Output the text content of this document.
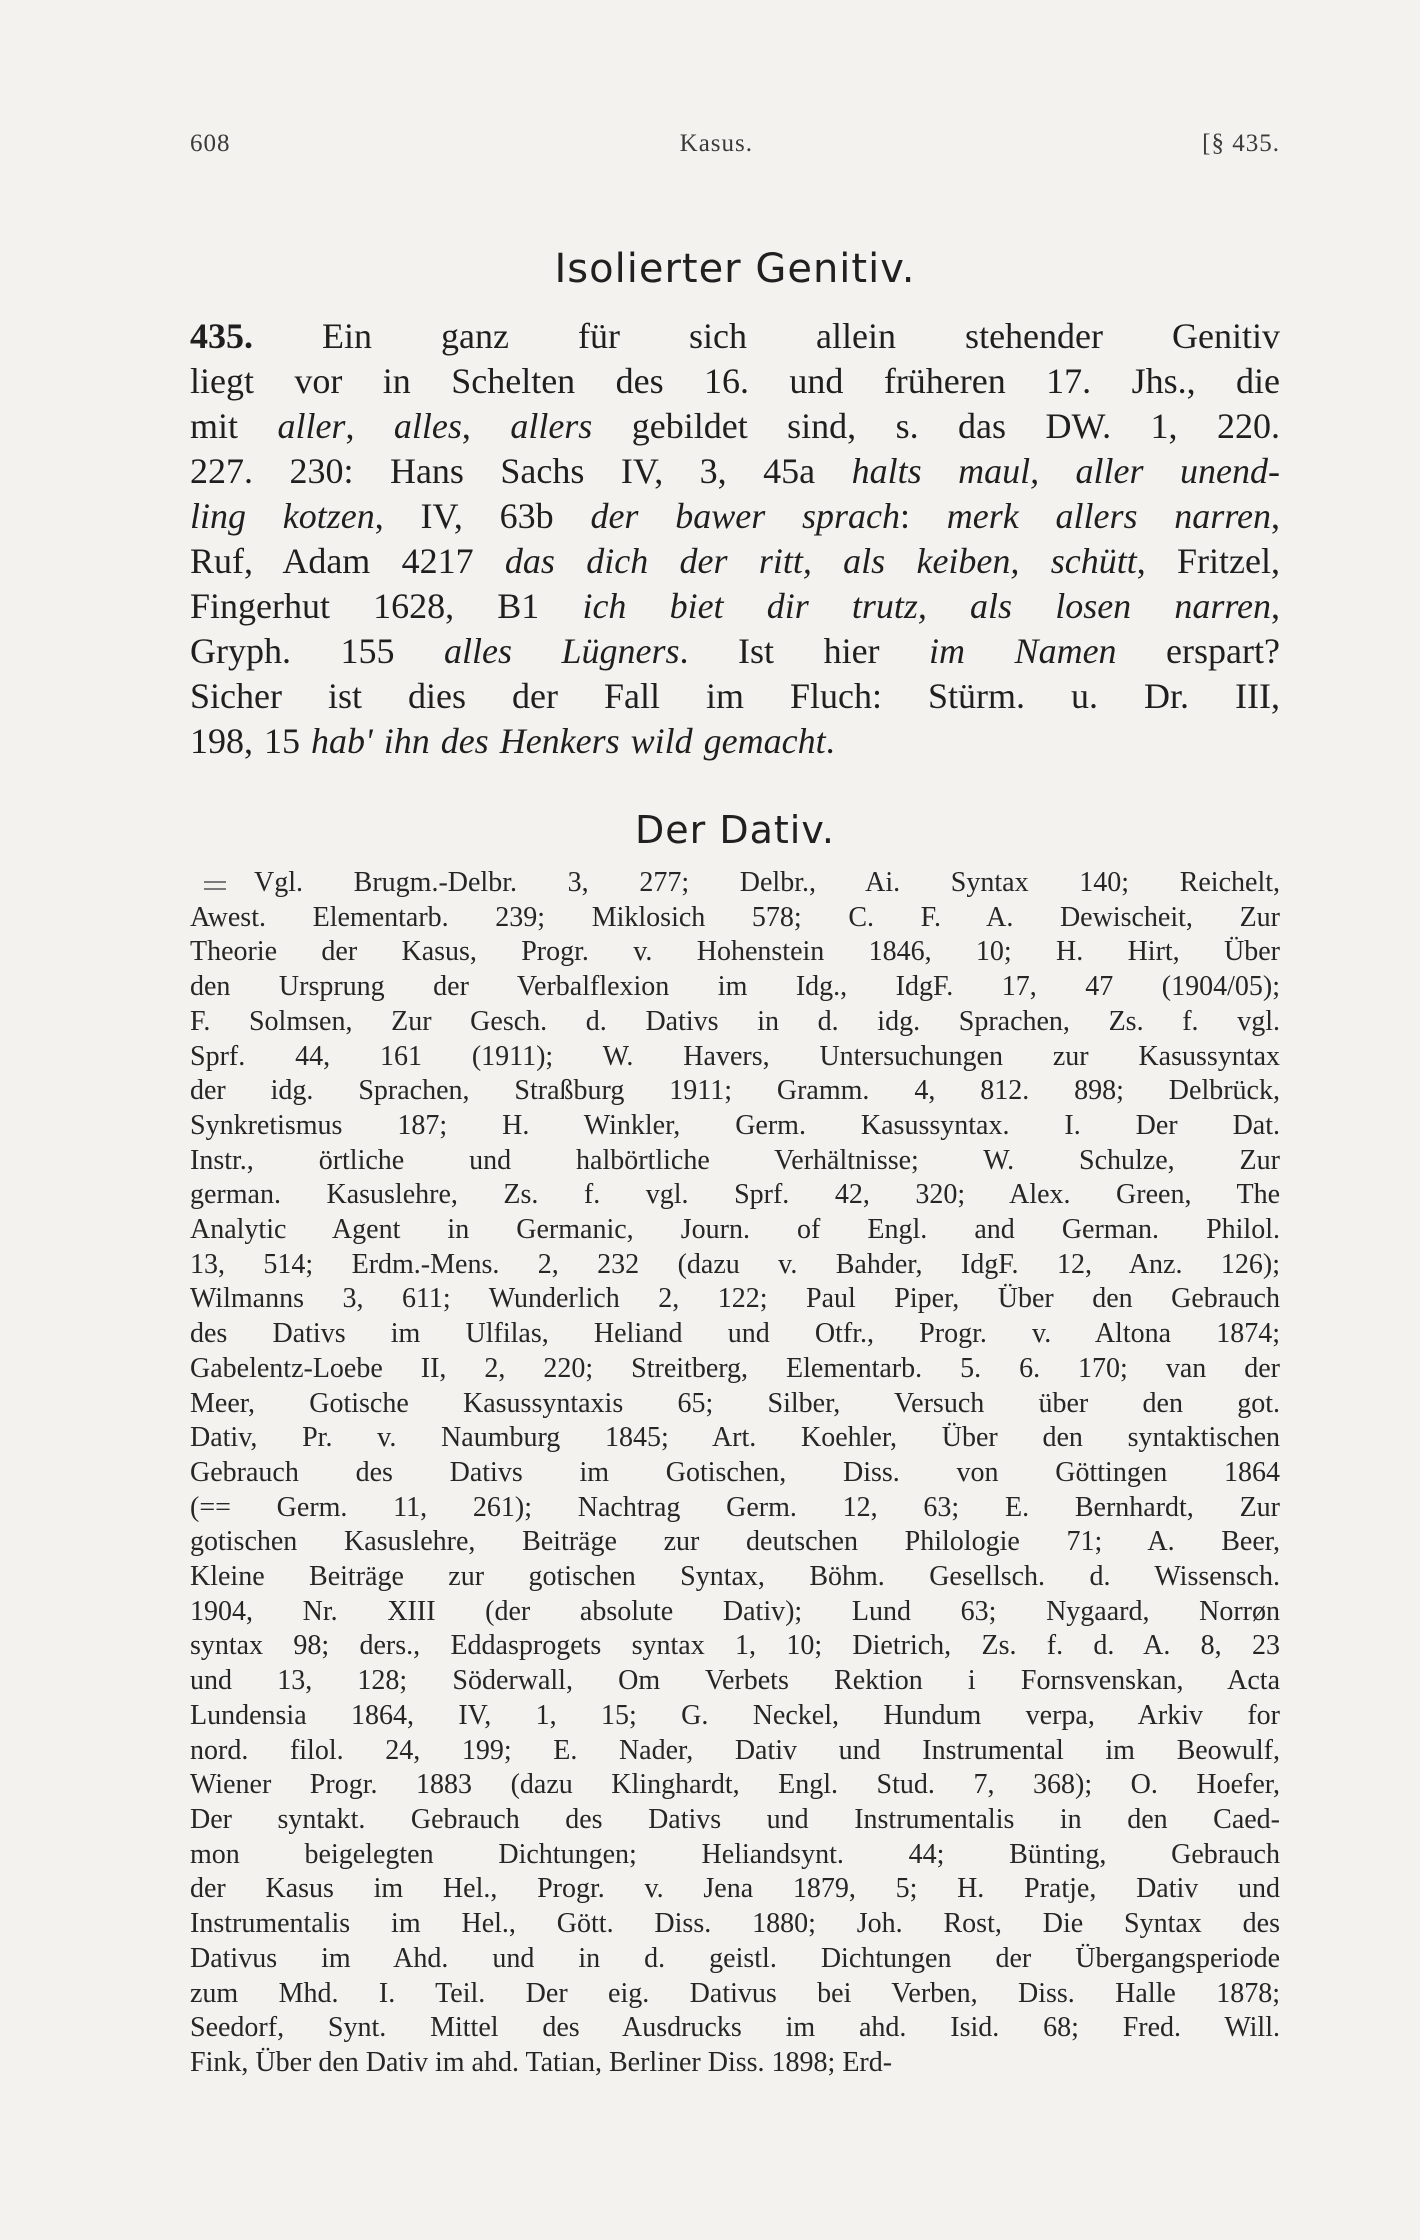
608	Kasus.	[§ 435.
Isolierter Genitiv.
435. Ein ganz für sich allein stehender Genitiv
liegt vor in Schelten des 16. und früheren 17. Jhs., die
mit aller, alles, allers gebildet sind, s. das DW. 1, 220.
227. 230: Hans Sachs IV, 3, 45a halts maul, aller unend-
ling kotzen, IV, 63b der bawer sprach: merk allers narren,
Ruf, Adam 4217 das dich der ritt, als keiben, schütt, Fritzel,
Fingerhut 1628, B1 ich biet dir trutz, als losen narren,
Gryph. 155 alles Lügners. Ist hier im Namen erspart?
Sicher ist dies der Fall im Fluch: Stürm. u. Dr. III,
198, 15 hab' ihn des Henkers wild gemacht.
Der Dativ.
Vgl. Brugm.-Delbr. 3, 277; Delbr., Ai. Syntax 140; Reichelt,
Awest. Elementarb. 239; Miklosich 578; C. F. A. Dewischeit, Zur
Theorie der Kasus, Progr. v. Hohenstein 1846, 10; H. Hirt, Über
den Ursprung der Verbalflexion im Idg., IdgF. 17, 47 (1904/05);
F. Solmsen, Zur Gesch. d. Dativs in d. idg. Sprachen, Zs. f. vgl.
Sprf. 44, 161 (1911); W. Havers, Untersuchungen zur Kasussyntax
der idg. Sprachen, Straßburg 1911; Gramm. 4, 812. 898; Delbrück,
Synkretismus 187; H. Winkler, Germ. Kasussyntax. I. Der Dat.
Instr., örtliche und halbörtliche Verhältnisse; W. Schulze, Zur
german. Kasuslehre, Zs. f. vgl. Sprf. 42, 320; Alex. Green, The
Analytic Agent in Germanic, Journ. of Engl. and German. Philol.
13, 514; Erdm.-Mens. 2, 232 (dazu v. Bahder, IdgF. 12, Anz. 126);
Wilmanns 3, 611; Wunderlich 2, 122; Paul Piper, Über den Gebrauch
des Dativs im Ulfilas, Heliand und Otfr., Progr. v. Altona 1874;
Gabelentz-Loebe II, 2, 220; Streitberg, Elementarb. 5. 6. 170; van der
Meer, Gotische Kasussyntaxis 65; Silber, Versuch über den got.
Dativ, Pr. v. Naumburg 1845; Art. Koehler, Über den syntaktischen
Gebrauch des Dativs im Gotischen, Diss. von Göttingen 1864
(== Germ. 11, 261); Nachtrag Germ. 12, 63; E. Bernhardt, Zur
gotischen Kasuslehre, Beiträge zur deutschen Philologie 71; A. Beer,
Kleine Beiträge zur gotischen Syntax, Böhm. Gesellsch. d. Wissensch.
1904, Nr. XIII (der absolute Dativ); Lund 63; Nygaard, Norrøn
syntax 98; ders., Eddasprogets syntax 1, 10; Dietrich, Zs. f. d. A. 8, 23
und 13, 128; Söderwall, Om Verbets Rektion i Fornsvenskan, Acta
Lundensia 1864, IV, 1, 15; G. Neckel, Hundum verpa, Arkiv for
nord. filol. 24, 199; E. Nader, Dativ und Instrumental im Beowulf,
Wiener Progr. 1883 (dazu Klinghardt, Engl. Stud. 7, 368); O. Hoefer,
Der syntakt. Gebrauch des Dativs und Instrumentalis in den Caed-
mon beigelegten Dichtungen; Heliandsynt. 44; Bünting, Gebrauch
der Kasus im Hel., Progr. v. Jena 1879, 5; H. Pratje, Dativ und
Instrumentalis im Hel., Gött. Diss. 1880; Joh. Rost, Die Syntax des
Dativus im Ahd. und in d. geistl. Dichtungen der Übergangsperiode
zum Mhd. I. Teil. Der eig. Dativus bei Verben, Diss. Halle 1878;
Seedorf, Synt. Mittel des Ausdrucks im ahd. Isid. 68; Fred. Will.
Fink, Über den Dativ im ahd. Tatian, Berliner Diss. 1898; Erd-
